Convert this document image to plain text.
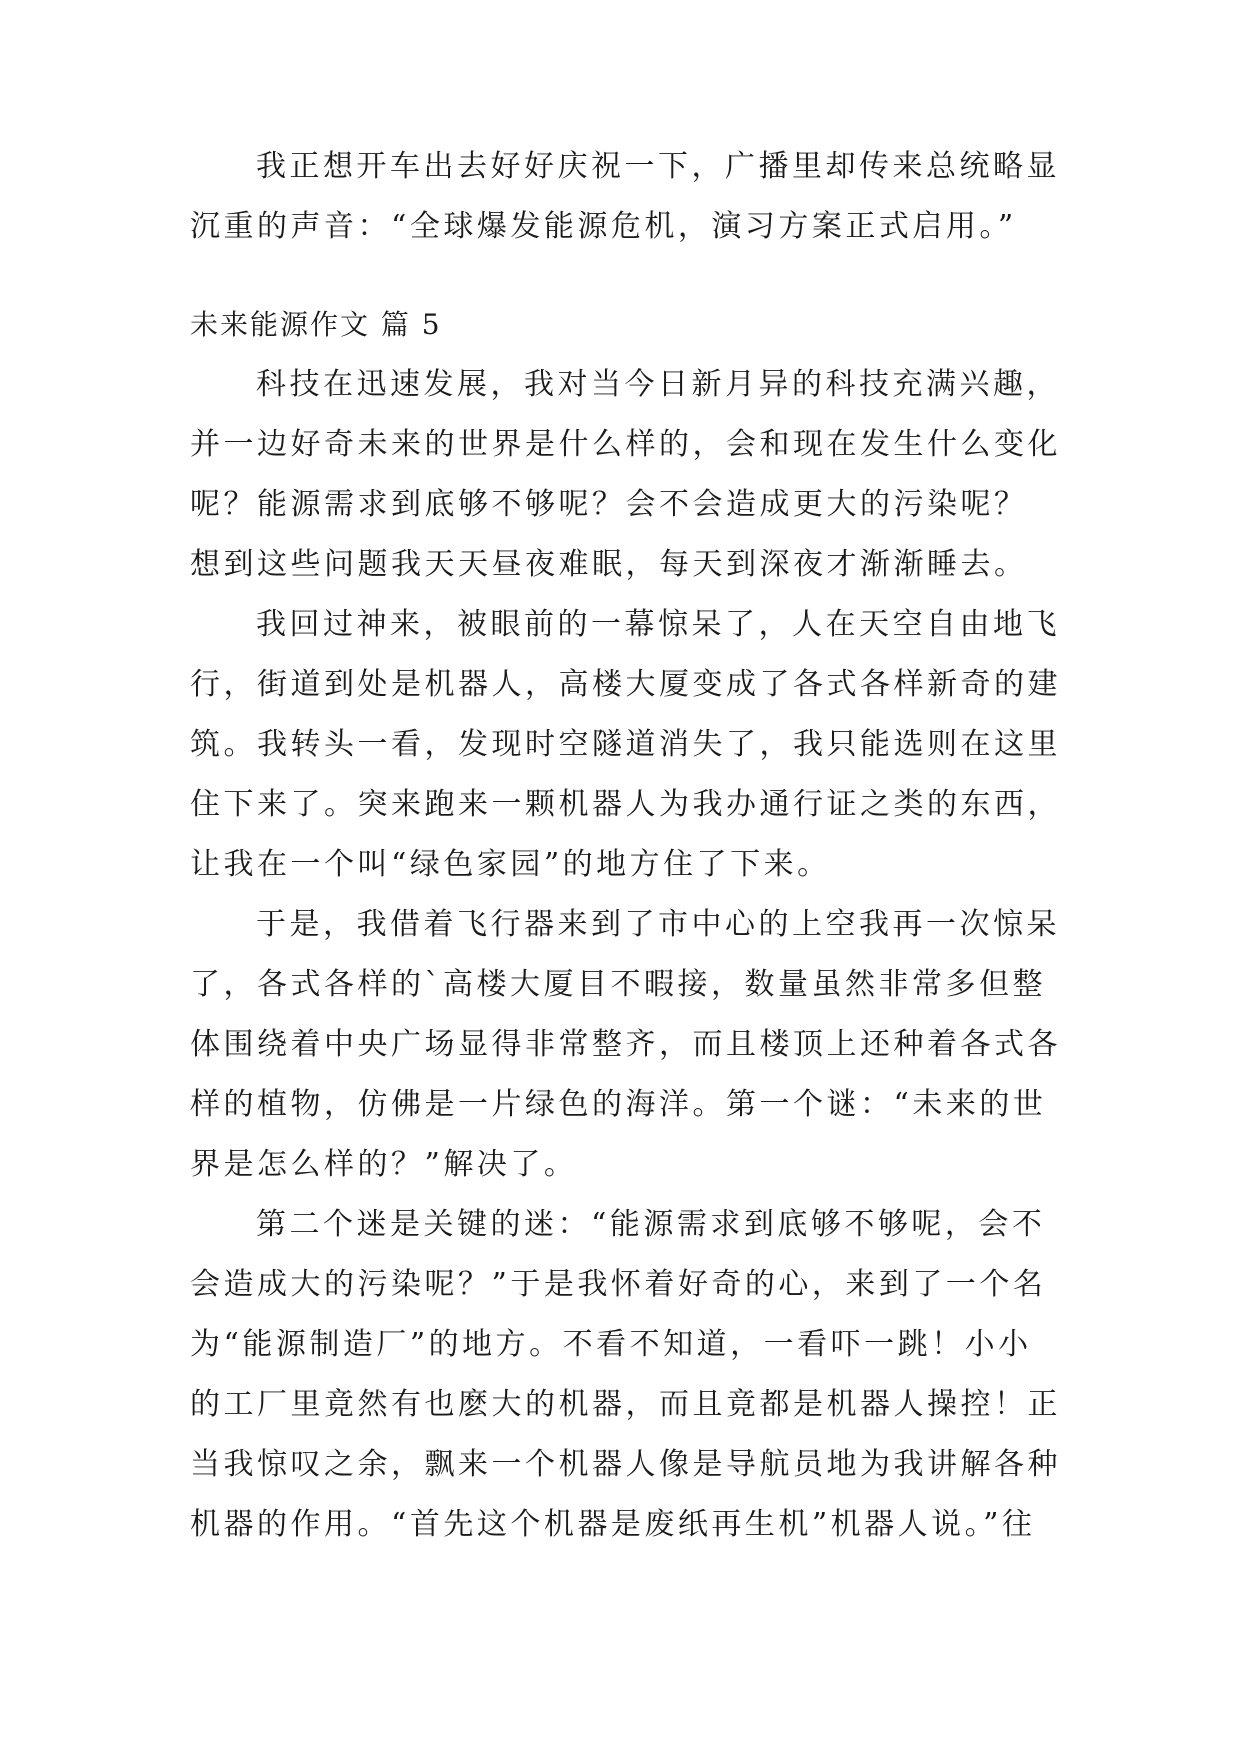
我正想开车出去好好庆祝一下，广播里却传来总统略显
沉重的声音：“全球爆发能源危机，演习方案正式启用。”
未来能源作文 篇 5
科技在迅速发展，我对当今日新月异的科技充满兴趣，
并一边好奇未来的世界是什么样的，会和现在发生什么变化
呢？能源需求到底够不够呢？会不会造成更大的污染呢？
想到这些问题我天天昼夜难眠，每天到深夜才渐渐睡去。
我回过神来，被眼前的一幕惊呆了，人在天空自由地飞
行，街道到处是机器人，高楼大厦变成了各式各样新奇的建
筑。我转头一看，发现时空隧道消失了，我只能选则在这里
住下来了。突来跑来一颗机器人为我办通行证之类的东西，
让我在一个叫“绿色家园”的地方住了下来。
于是，我借着飞行器来到了市中心的上空我再一次惊呆
了，各式各样的`高楼大厦目不暇接，数量虽然非常多但整
体围绕着中央广场显得非常整齐，而且楼顶上还种着各式各
样的植物，仿佛是一片绿色的海洋。第一个谜：“未来的世
界是怎么样的？”解决了。
第二个迷是关键的迷：“能源需求到底够不够呢，会不
会造成大的污染呢？”于是我怀着好奇的心，来到了一个名
为“能源制造厂”的地方。不看不知道，一看吓一跳！小小
的工厂里竟然有也麽大的机器，而且竟都是机器人操控！正
当我惊叹之余，飘来一个机器人像是导航员地为我讲解各种
机器的作用。“首先这个机器是废纸再生机”机器人说。”往
